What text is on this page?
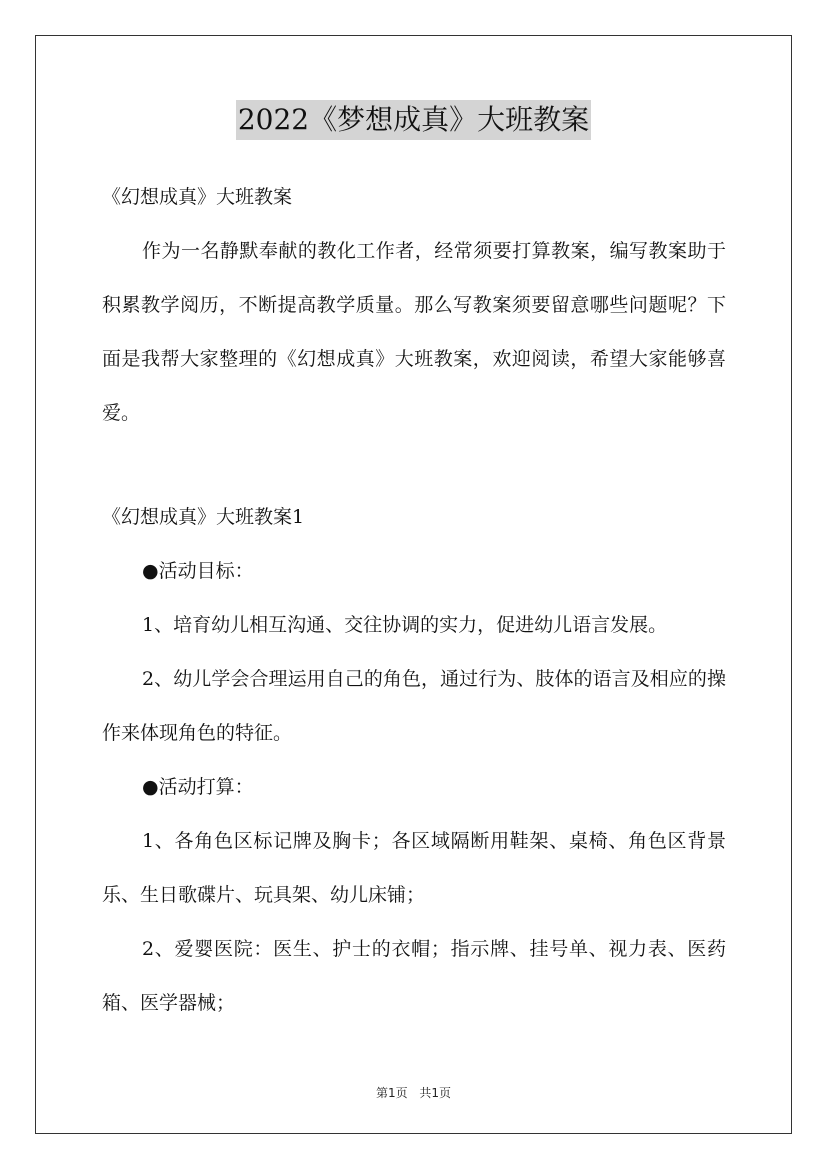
2022《梦想成真》大班教案

《幻想成真》大班教案

作为一名静默奉献的教化工作者，经常须要打算教案，编写教案助于积累教学阅历，不断提高教学质量。那么写教案须要留意哪些问题呢？下面是我帮大家整理的《幻想成真》大班教案，欢迎阅读，希望大家能够喜爱。

《幻想成真》大班教案1

●活动目标：

1、培育幼儿相互沟通、交往协调的实力，促进幼儿语言发展。

2、幼儿学会合理运用自己的角色，通过行为、肢体的语言及相应的操作来体现角色的特征。

●活动打算：

1、各角色区标记牌及胸卡；各区域隔断用鞋架、桌椅、角色区背景乐、生日歌碟片、玩具架、幼儿床铺；

2、爱婴医院：医生、护士的衣帽；指示牌、挂号单、视力表、医药箱、医学器械；

第1页 共1页
